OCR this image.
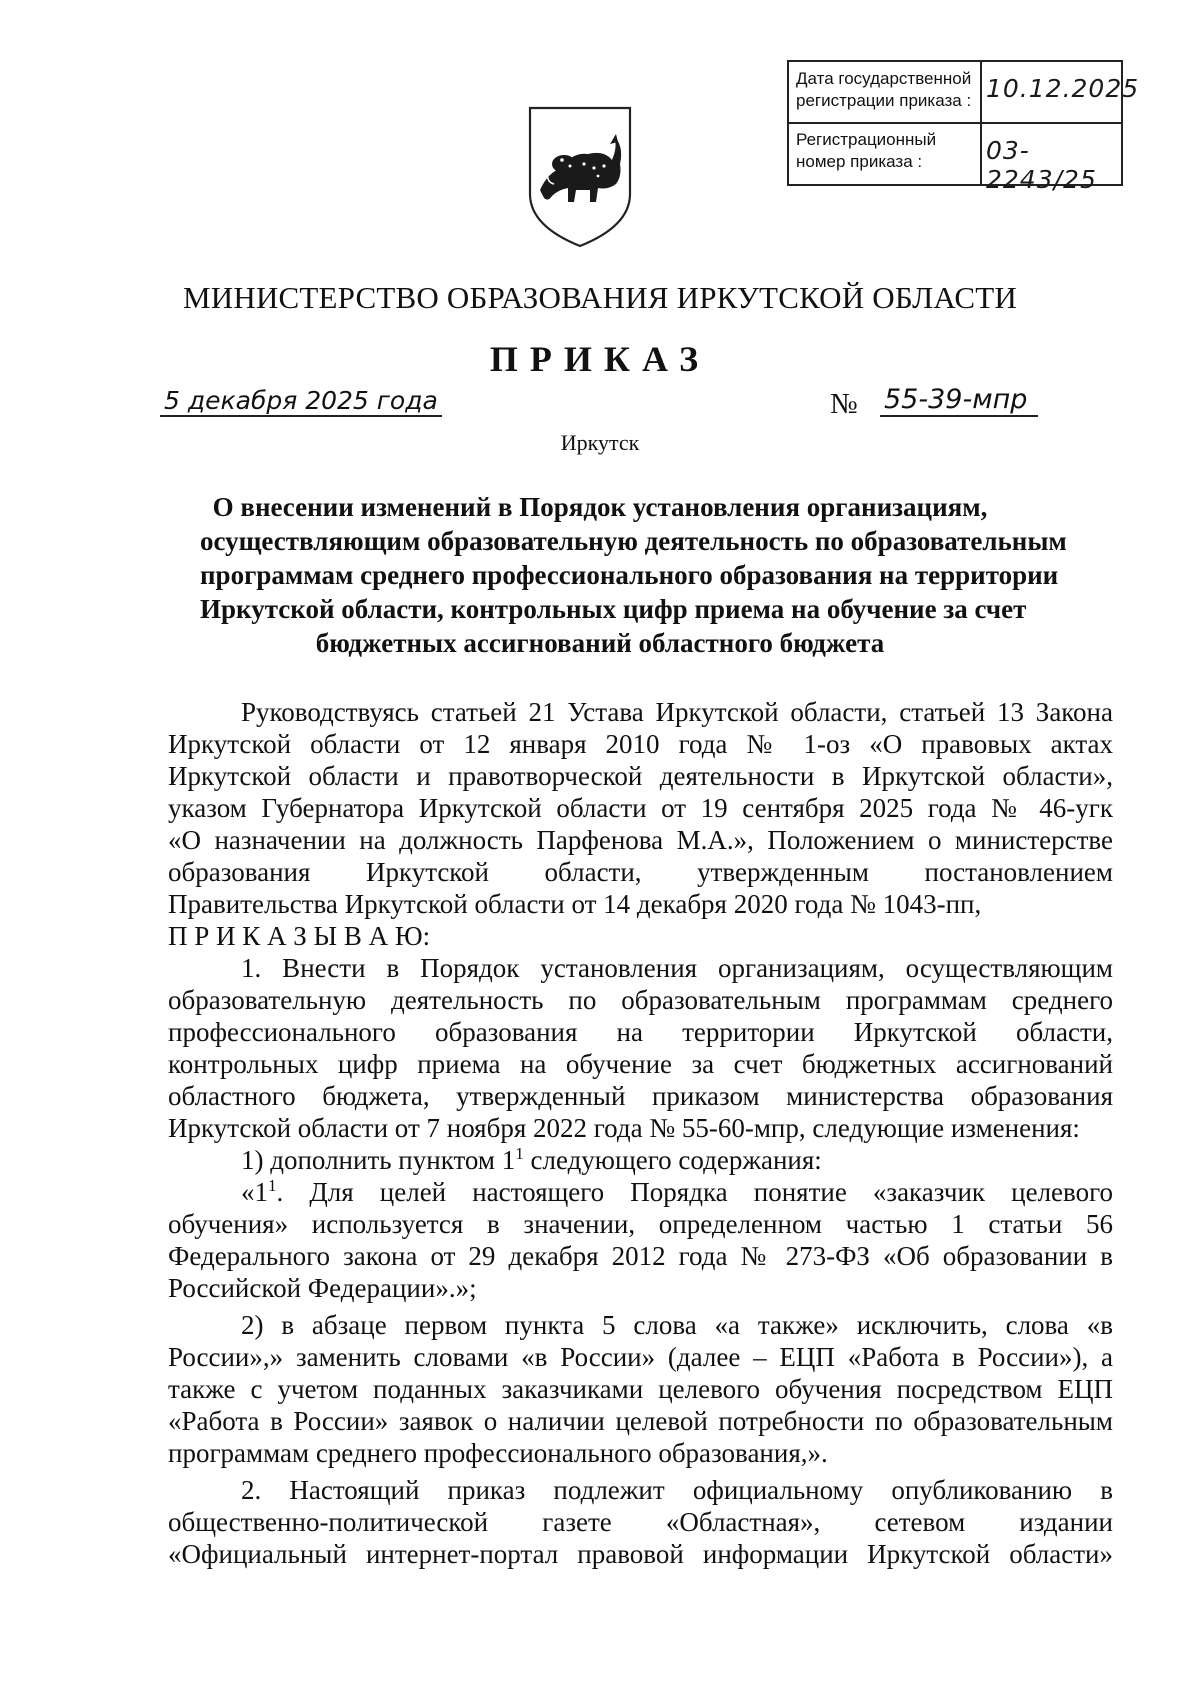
Дата государственной
регистрации приказа : 10.12.2025
Регистрационный
номер приказа :	03-2243/25
МИНИСТЕРСТВО ОБРАЗОВАНИЯ ИРКУТСКОЙ ОБЛАСТИ
ПРИКАЗ
5 декабря 2025 года	№ 55-39-мпр
Иркутск
О внесении изменений в Порядок установления организациям,
осуществляющим образовательную деятельность по образовательным
программам среднего профессионального образования на территории
Иркутской области, контрольных цифр приема на обучение за счет
бюджетных ассигнований областного бюджета
Руководствуясь статьей 21 Устава Иркутской области, статьей 13 Закона
Иркутской области от 12 января 2010 года № 1-оз «О правовых актах
Иркутской области и правотворческой деятельности в Иркутской области»,
указом Губернатора Иркутской области от 19 сентября 2025 года № 46-угк
«О назначении на должность Парфенова М.А.», Положением о министерстве
образования Иркутской области, утвержденным постановлением
Правительства Иркутской области от 14 декабря 2020 года № 1043-пп,
П Р И К А З Ы В А Ю:
1. Внести в Порядок установления организациям, осуществляющим
образовательную деятельность по образовательным программам среднего
профессионального образования на территории Иркутской области,
контрольных цифр приема на обучение за счет бюджетных ассигнований
областного бюджета, утвержденный приказом министерства образования
Иркутской области от 7 ноября 2022 года № 55-60-мпр, следующие изменения:
1) дополнить пунктом $1^1$ следующего содержания:
«$1^1$. Для целей настоящего Порядка понятие «заказчик целевого
обучения» используется в значении, определенном частью 1 статьи 56
Федерального закона от 29 декабря 2012 года № 273-ФЗ «Об образовании в
Российской Федерации».»;
2) в абзаце первом пункта 5 слова «а также» исключить, слова «в
России»,» заменить словами «в России» (далее – ЕЦП «Работа в России»), а
также с учетом поданных заказчиками целевого обучения посредством ЕЦП
«Работа в России» заявок о наличии целевой потребности по образовательным
программам среднего профессионального образования,».
2. Настоящий приказ подлежит официальному опубликованию в
общественно-политической газете «Областная», сетевом издании
«Официальный интернет-портал правовой информации Иркутской области»
